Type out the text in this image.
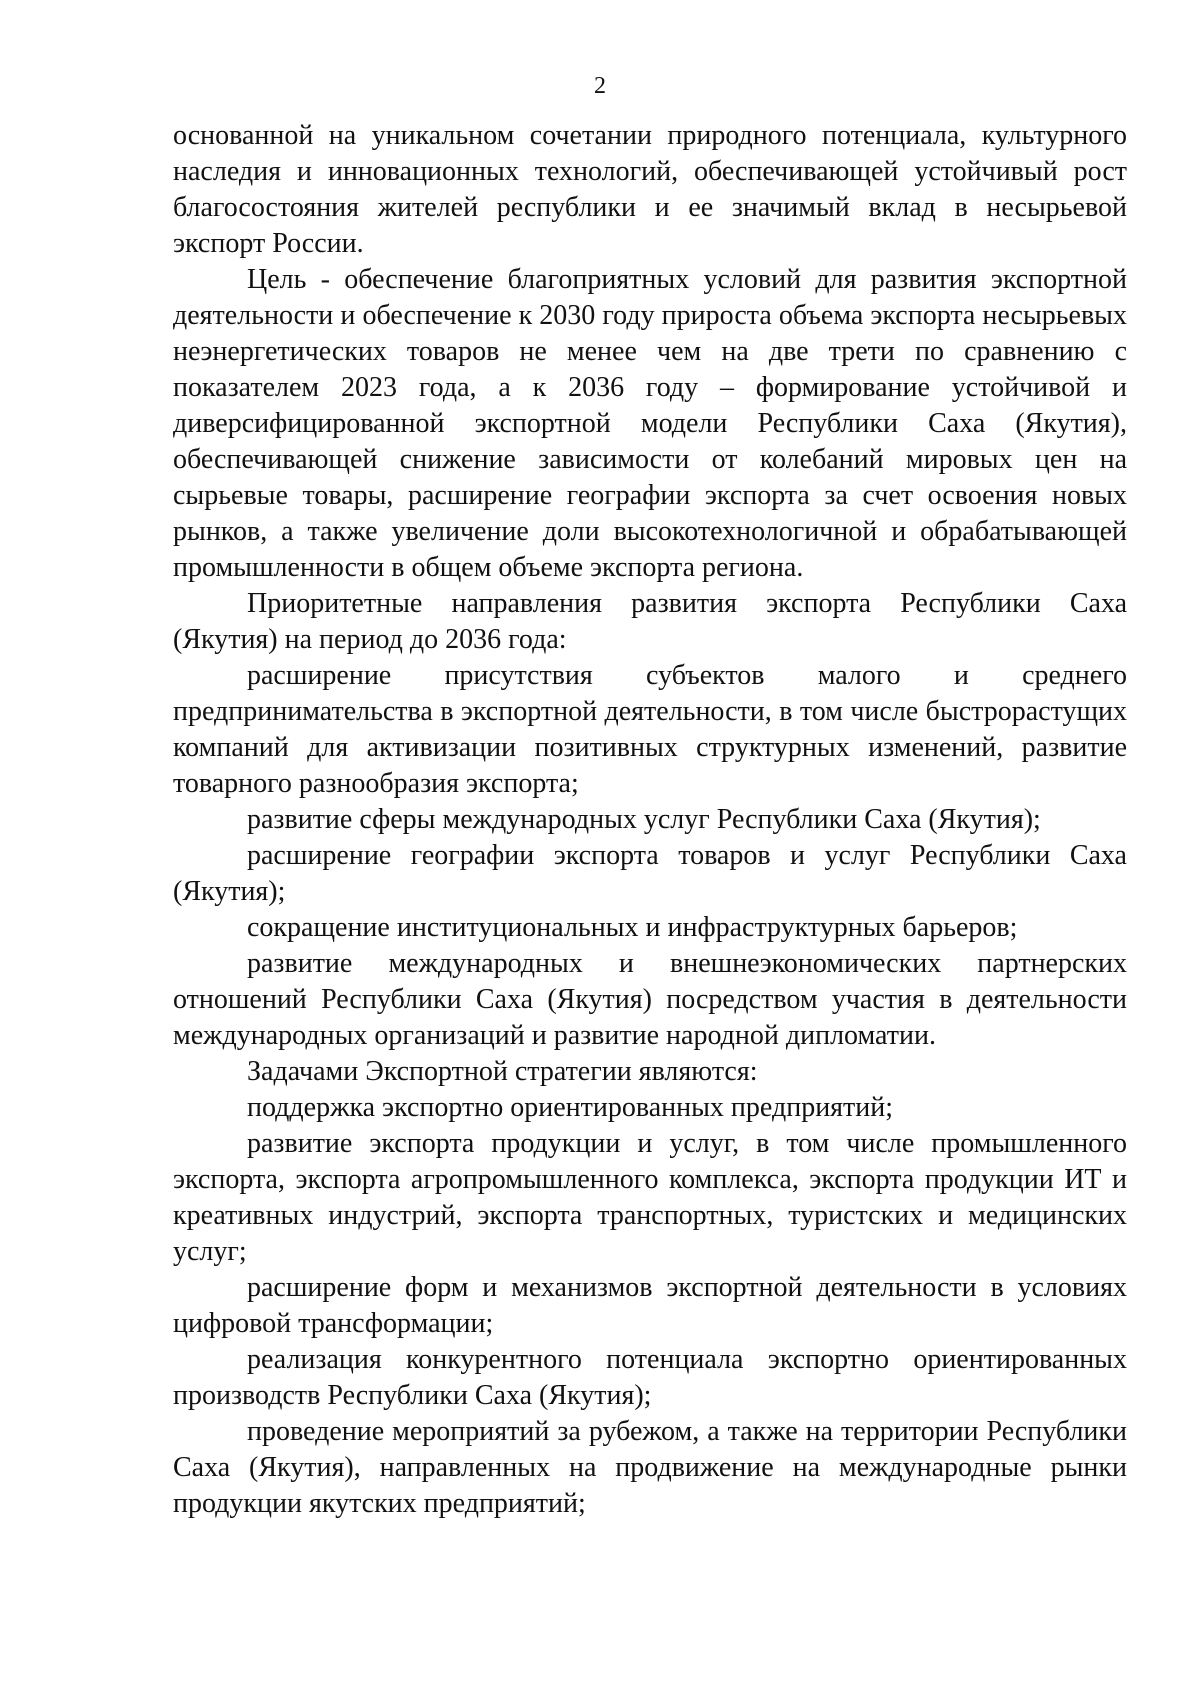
2

основанной на уникальном сочетании природного потенциала, культурного наследия и инновационных технологий, обеспечивающей устойчивый рост благосостояния жителей республики и ее значимый вклад в несырьевой экспорт России.

Цель - обеспечение благоприятных условий для развития экспортной деятельности и обеспечение к 2030 году прироста объема экспорта несырьевых неэнергетических товаров не менее чем на две трети по сравнению с показателем 2023 года, а к 2036 году – формирование устойчивой и диверсифицированной экспортной модели Республики Саха (Якутия), обеспечивающей снижение зависимости от колебаний мировых цен на сырьевые товары, расширение географии экспорта за счет освоения новых рынков, а также увеличение доли высокотехнологичной и обрабатывающей промышленности в общем объеме экспорта региона.

Приоритетные направления развития экспорта Республики Саха (Якутия) на период до 2036 года:

расширение присутствия субъектов малого и среднего предпринимательства в экспортной деятельности, в том числе быстрорастущих компаний для активизации позитивных структурных изменений, развитие товарного разнообразия экспорта;

развитие сферы международных услуг Республики Саха (Якутия);

расширение географии экспорта товаров и услуг Республики Саха (Якутия);

сокращение институциональных и инфраструктурных барьеров;

развитие международных и внешнеэкономических партнерских отношений Республики Саха (Якутия) посредством участия в деятельности международных организаций и развитие народной дипломатии.

Задачами Экспортной стратегии являются:

поддержка экспортно ориентированных предприятий;

развитие экспорта продукции и услуг, в том числе промышленного экспорта, экспорта агропромышленного комплекса, экспорта продукции ИТ и креативных индустрий, экспорта транспортных, туристских и медицинских услуг;

расширение форм и механизмов экспортной деятельности в условиях цифровой трансформации;

реализация конкурентного потенциала экспортно ориентированных производств Республики Саха (Якутия);

проведение мероприятий за рубежом, а также на территории Республики Саха (Якутия), направленных на продвижение на международные рынки продукции якутских предприятий;
